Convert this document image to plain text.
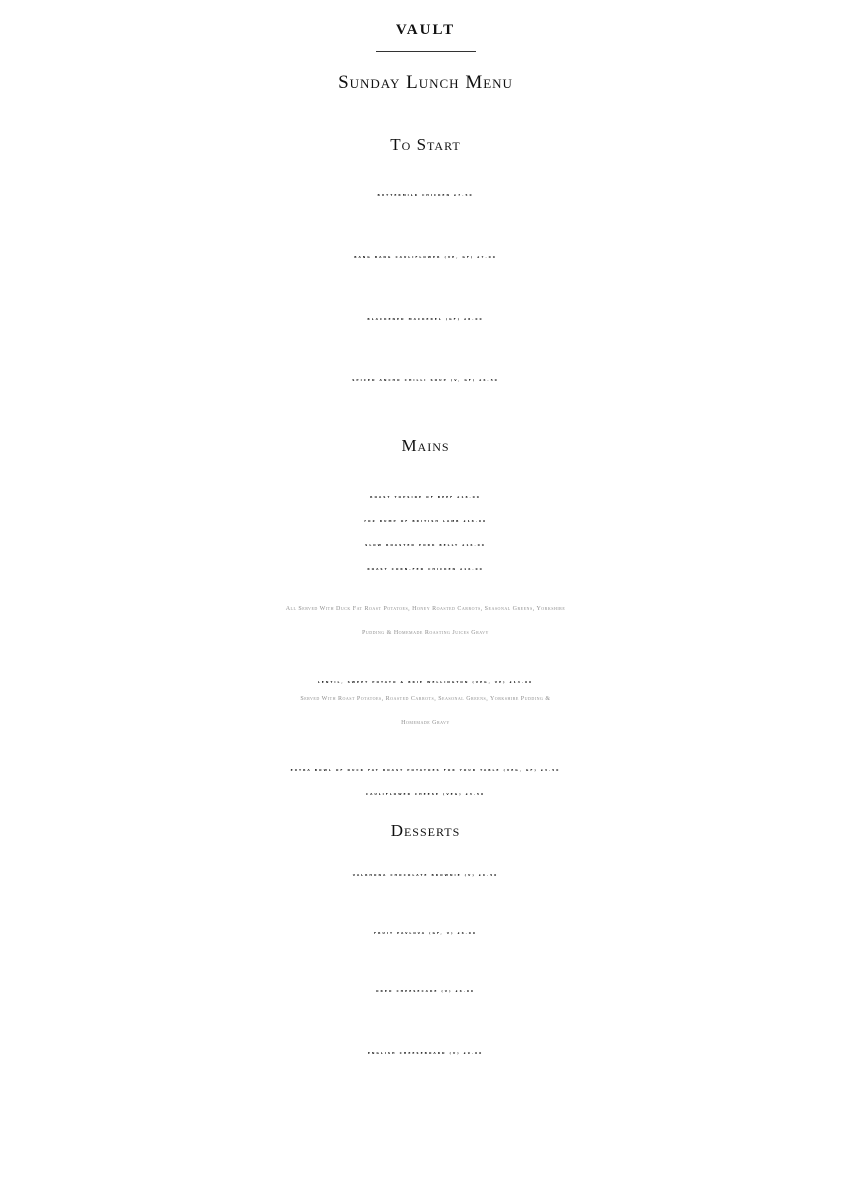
VAULT
Sunday Lunch Menu
To Start
BUTTERMILK CHICKEN £7.50
BANG BANG CAULIFLOWER (VE, GF) £7.00
BLACKENED MACKEREL (GF) £8.00
SPICED ANCHO CHILLI SOUP (V, GF) £6.50
Mains
ROAST TOPSIDE OF BEEF £18.00
7OZ RUMP OF BRITISH LAMB £18.00
SLOW ROASTED PORK BELLY £16.00
ROAST CORN-FED CHICKEN £16.00
All Served With Duck Fat Roast Potatoes, Honey Roasted Carrots, Seasonal Greens, Yorkshire
Pudding & Homemade Roasting Juices Gravy
LENTIL, SWEET POTATO & BRIE WELLINGTON (VEG, VE) £14.00
Served With Roast Potatoes, Roasted Carrots, Seasonal Greens, Yorkshire Pudding &
Homemade Gravy
EXTRA BOWL OF DUCK FAT ROAST POTATOES FOR YOUR TABLE (VEG, GF) £3.50
CAULIFLOWER CHEESE (VEG) £3.50
Desserts
VALRHONA CHOCOLATE BROWNIE (V) £6.50
FRUIT PAVLOVA (GF, V) £6.00
OREO CHEESECAKE (V) £6.00
ENGLISH CHEESEBOARD (V) £9.00
